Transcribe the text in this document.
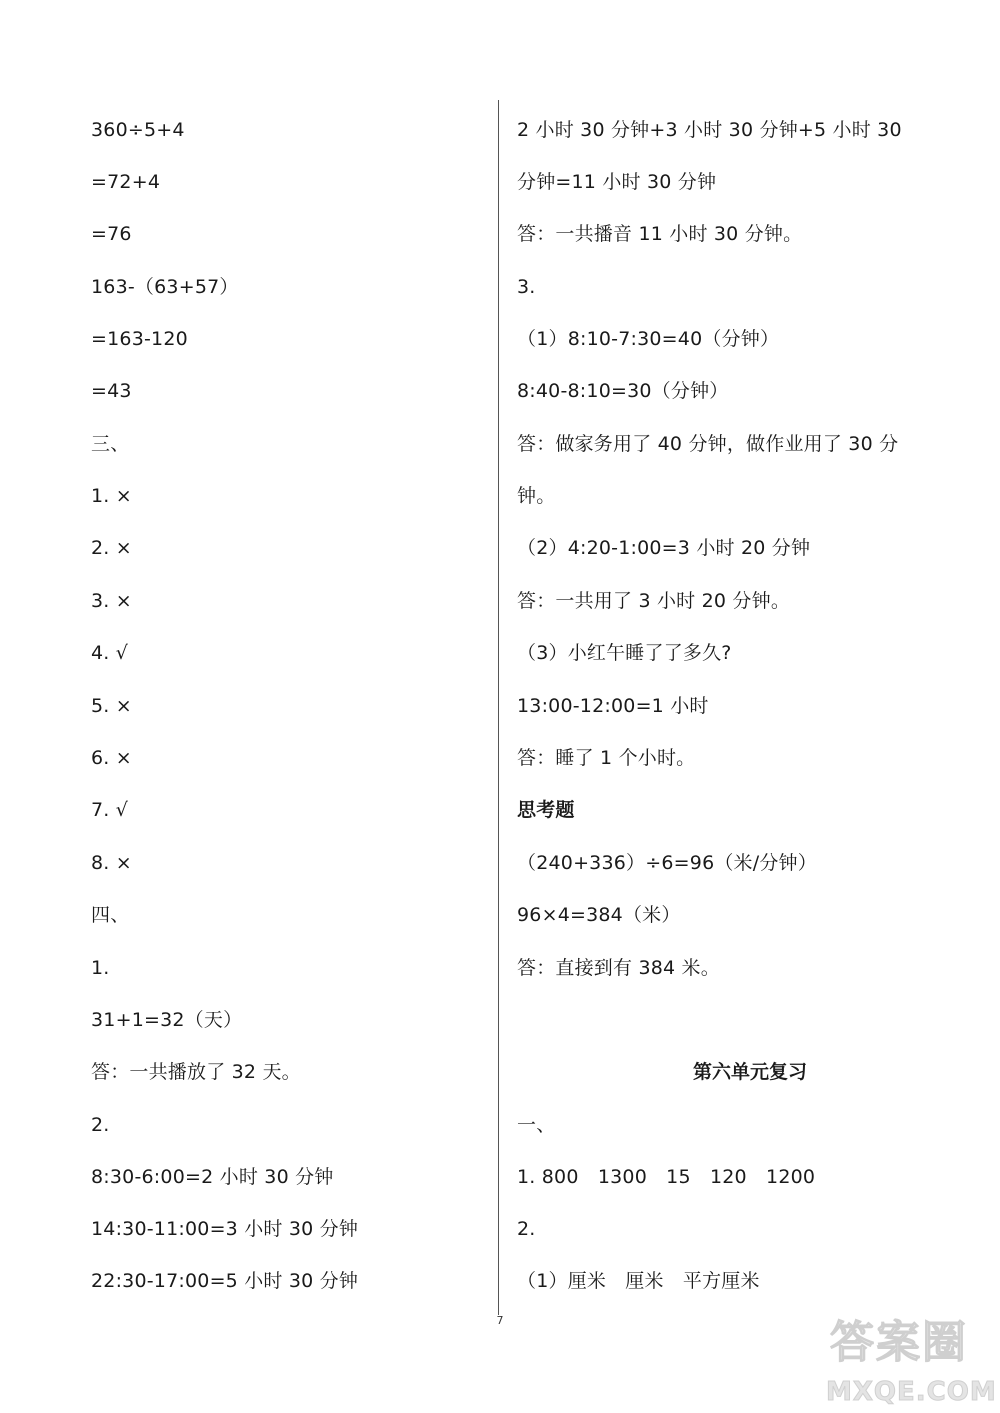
360÷5+4
=72+4
=76
163-（63+57）
=163-120
=43
三、
1. ×
2. ×
3. ×
4. √
5. ×
6. ×
7. √
8. ×
四、
1.
31+1=32（天）
答：一共播放了 32 天。
2.
8:30-6:00=2 小时 30 分钟
14:30-11:00=3 小时 30 分钟
22:30-17:00=5 小时 30 分钟
2 小时 30 分钟+3 小时 30 分钟+5 小时 30
分钟=11 小时 30 分钟
答：一共播音 11 小时 30 分钟。
3.
（1）8:10-7:30=40（分钟）
8:40-8:10=30（分钟）
答：做家务用了 40 分钟，做作业用了 30 分
钟。
（2）4:20-1:00=3 小时 20 分钟
答：一共用了 3 小时 20 分钟。
（3）小红午睡了了多久?
13:00-12:00=1 小时
答：睡了 1 个小时。
思考题
（240+336）÷6=96（米/分钟）
96×4=384（米）
答：直接到有 384 米。
一、
1. 800　1300　15　120　1200
2.
（1）厘米　厘米　平方厘米
第六单元复习
7	答案圈
MXQE.COM
